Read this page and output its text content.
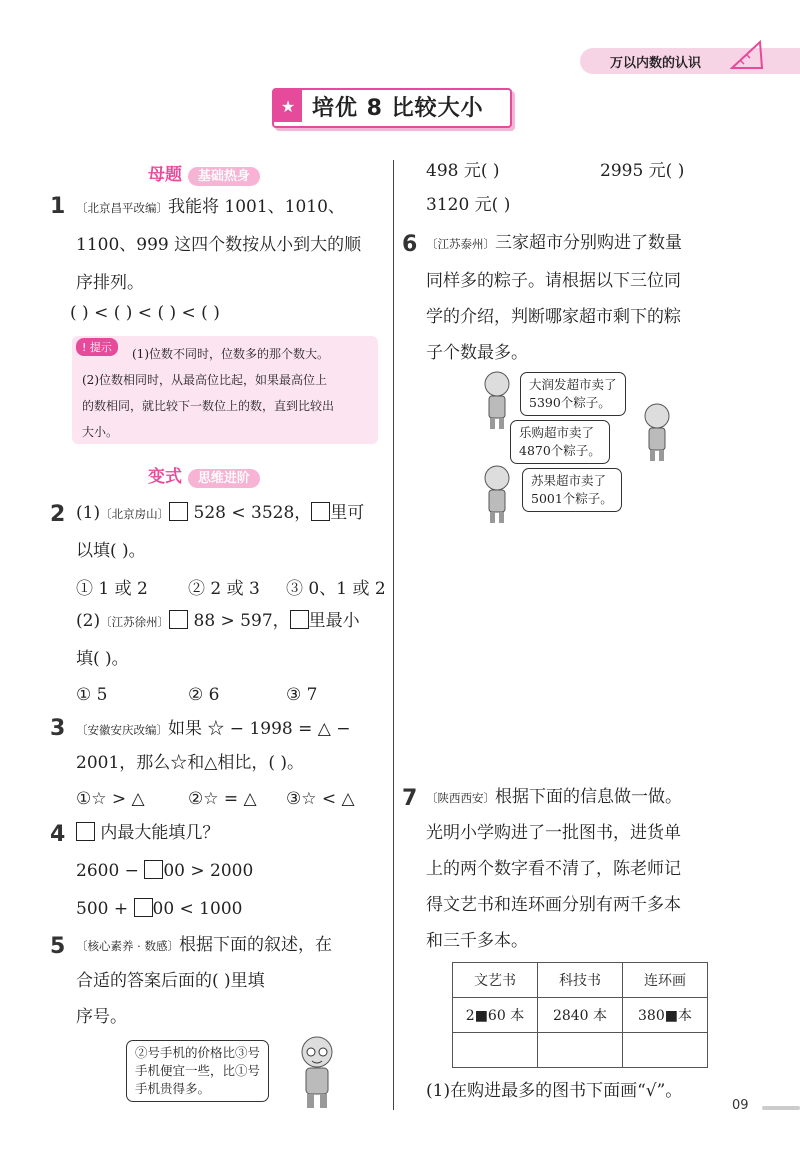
万以内数的认识
★ 培优 8 比较大小
母题 基础热身
1 〔北京昌平改编〕我能将 1001、1010、
1100、999 这四个数按从小到大的顺
序排列。
( ) < ( ) < ( ) < ( )
! 提示	(1)位数不同时，位数多的那个数大。
(2)位数相同时，从最高位比起，如果最高位上
的数相同，就比较下一数位上的数，直到比较出
大小。
变式 思维进阶
2 (1)〔北京房山〕 528 < 3528， 里可
以填( )。
① 1 或 2 ② 2 或 3 ③ 0、1 或 2
(2)〔江苏徐州〕 88 > 597， 里最小
填( )。
① 5	② 6	③ 7
3 〔安徽安庆改编〕如果 ☆ − 1998 = △ −
2001，那么☆和△相比，( )。
①☆ > △	②☆ = △ ③☆ < △
4	内最大能填几？
2600 − 00 > 2000
500 + 00 < 1000
5 〔核心素养 · 数感〕根据下面的叙述，在
合适的答案后面的( )里填
序号。
②号手机的价格比③号
手机便宜一些，比①号
手机贵得多。
498 元( )	2995 元( )
3120 元( )
6 〔江苏泰州〕三家超市分别购进了数量
同样多的粽子。请根据以下三位同
学的介绍，判断哪家超市剩下的粽
子个数最多。
大润发超市卖了
5390个粽子。
乐购超市卖了
4870个粽子。
苏果超市卖了
5001个粽子。
7 〔陕西西安〕根据下面的信息做一做。
光明小学购进了一批图书，进货单
上的两个数字看不清了，陈老师记
得文艺书和连环画分别有两千多本
和三千多本。
文艺书	科技书	连环画
2■60 本	2840 本	380■本

(1)在购进最多的图书下面画“√”。
09
